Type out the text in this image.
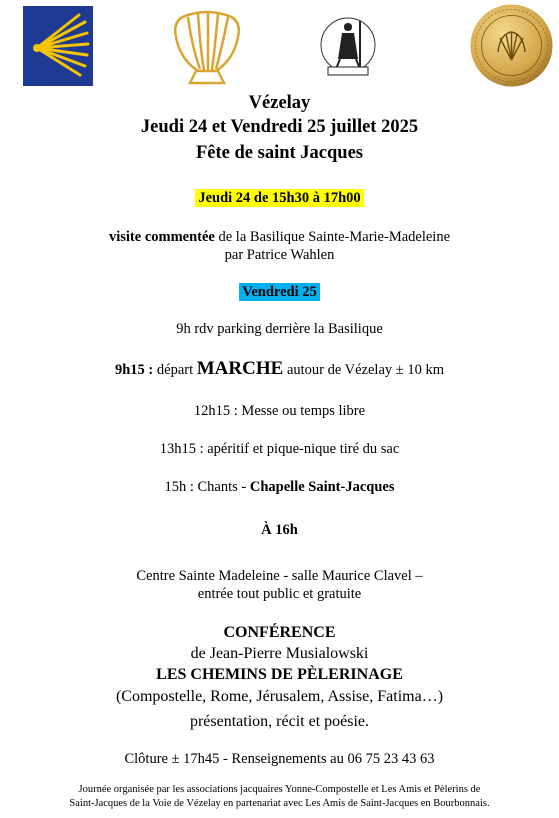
Vézelay
Jeudi 24 et Vendredi 25 juillet 2025
Fête de saint Jacques
Jeudi 24 de 15h30 à 17h00
visite commentée de la Basilique Sainte-Marie-Madeleine
par Patrice Wahlen
Vendredi 25
9h rdv parking derrière la Basilique
9h15 : départ MARCHE autour de Vézelay ± 10 km
12h15 : Messe ou temps libre
13h15 : apéritif et pique-nique tiré du sac
15h : Chants - Chapelle Saint-Jacques
À 16h
Centre Sainte Madeleine - salle Maurice Clavel –
entrée tout public et gratuite
CONFÉRENCE
de Jean-Pierre Musialowski
LES CHEMINS DE PÈLERINAGE
(Compostelle, Rome, Jérusalem, Assise, Fatima…)
présentation, récit et poésie.
Clôture ± 17h45 - Renseignements au 06 75 23 43 63
Journée organisée par les associations jacquaires Yonne-Compostelle et Les Amis et Pèlerins de
Saint-Jacques de la Voie de Vézelay en partenariat avec Les Amis de Saint-Jacques en Bourbonnais.
